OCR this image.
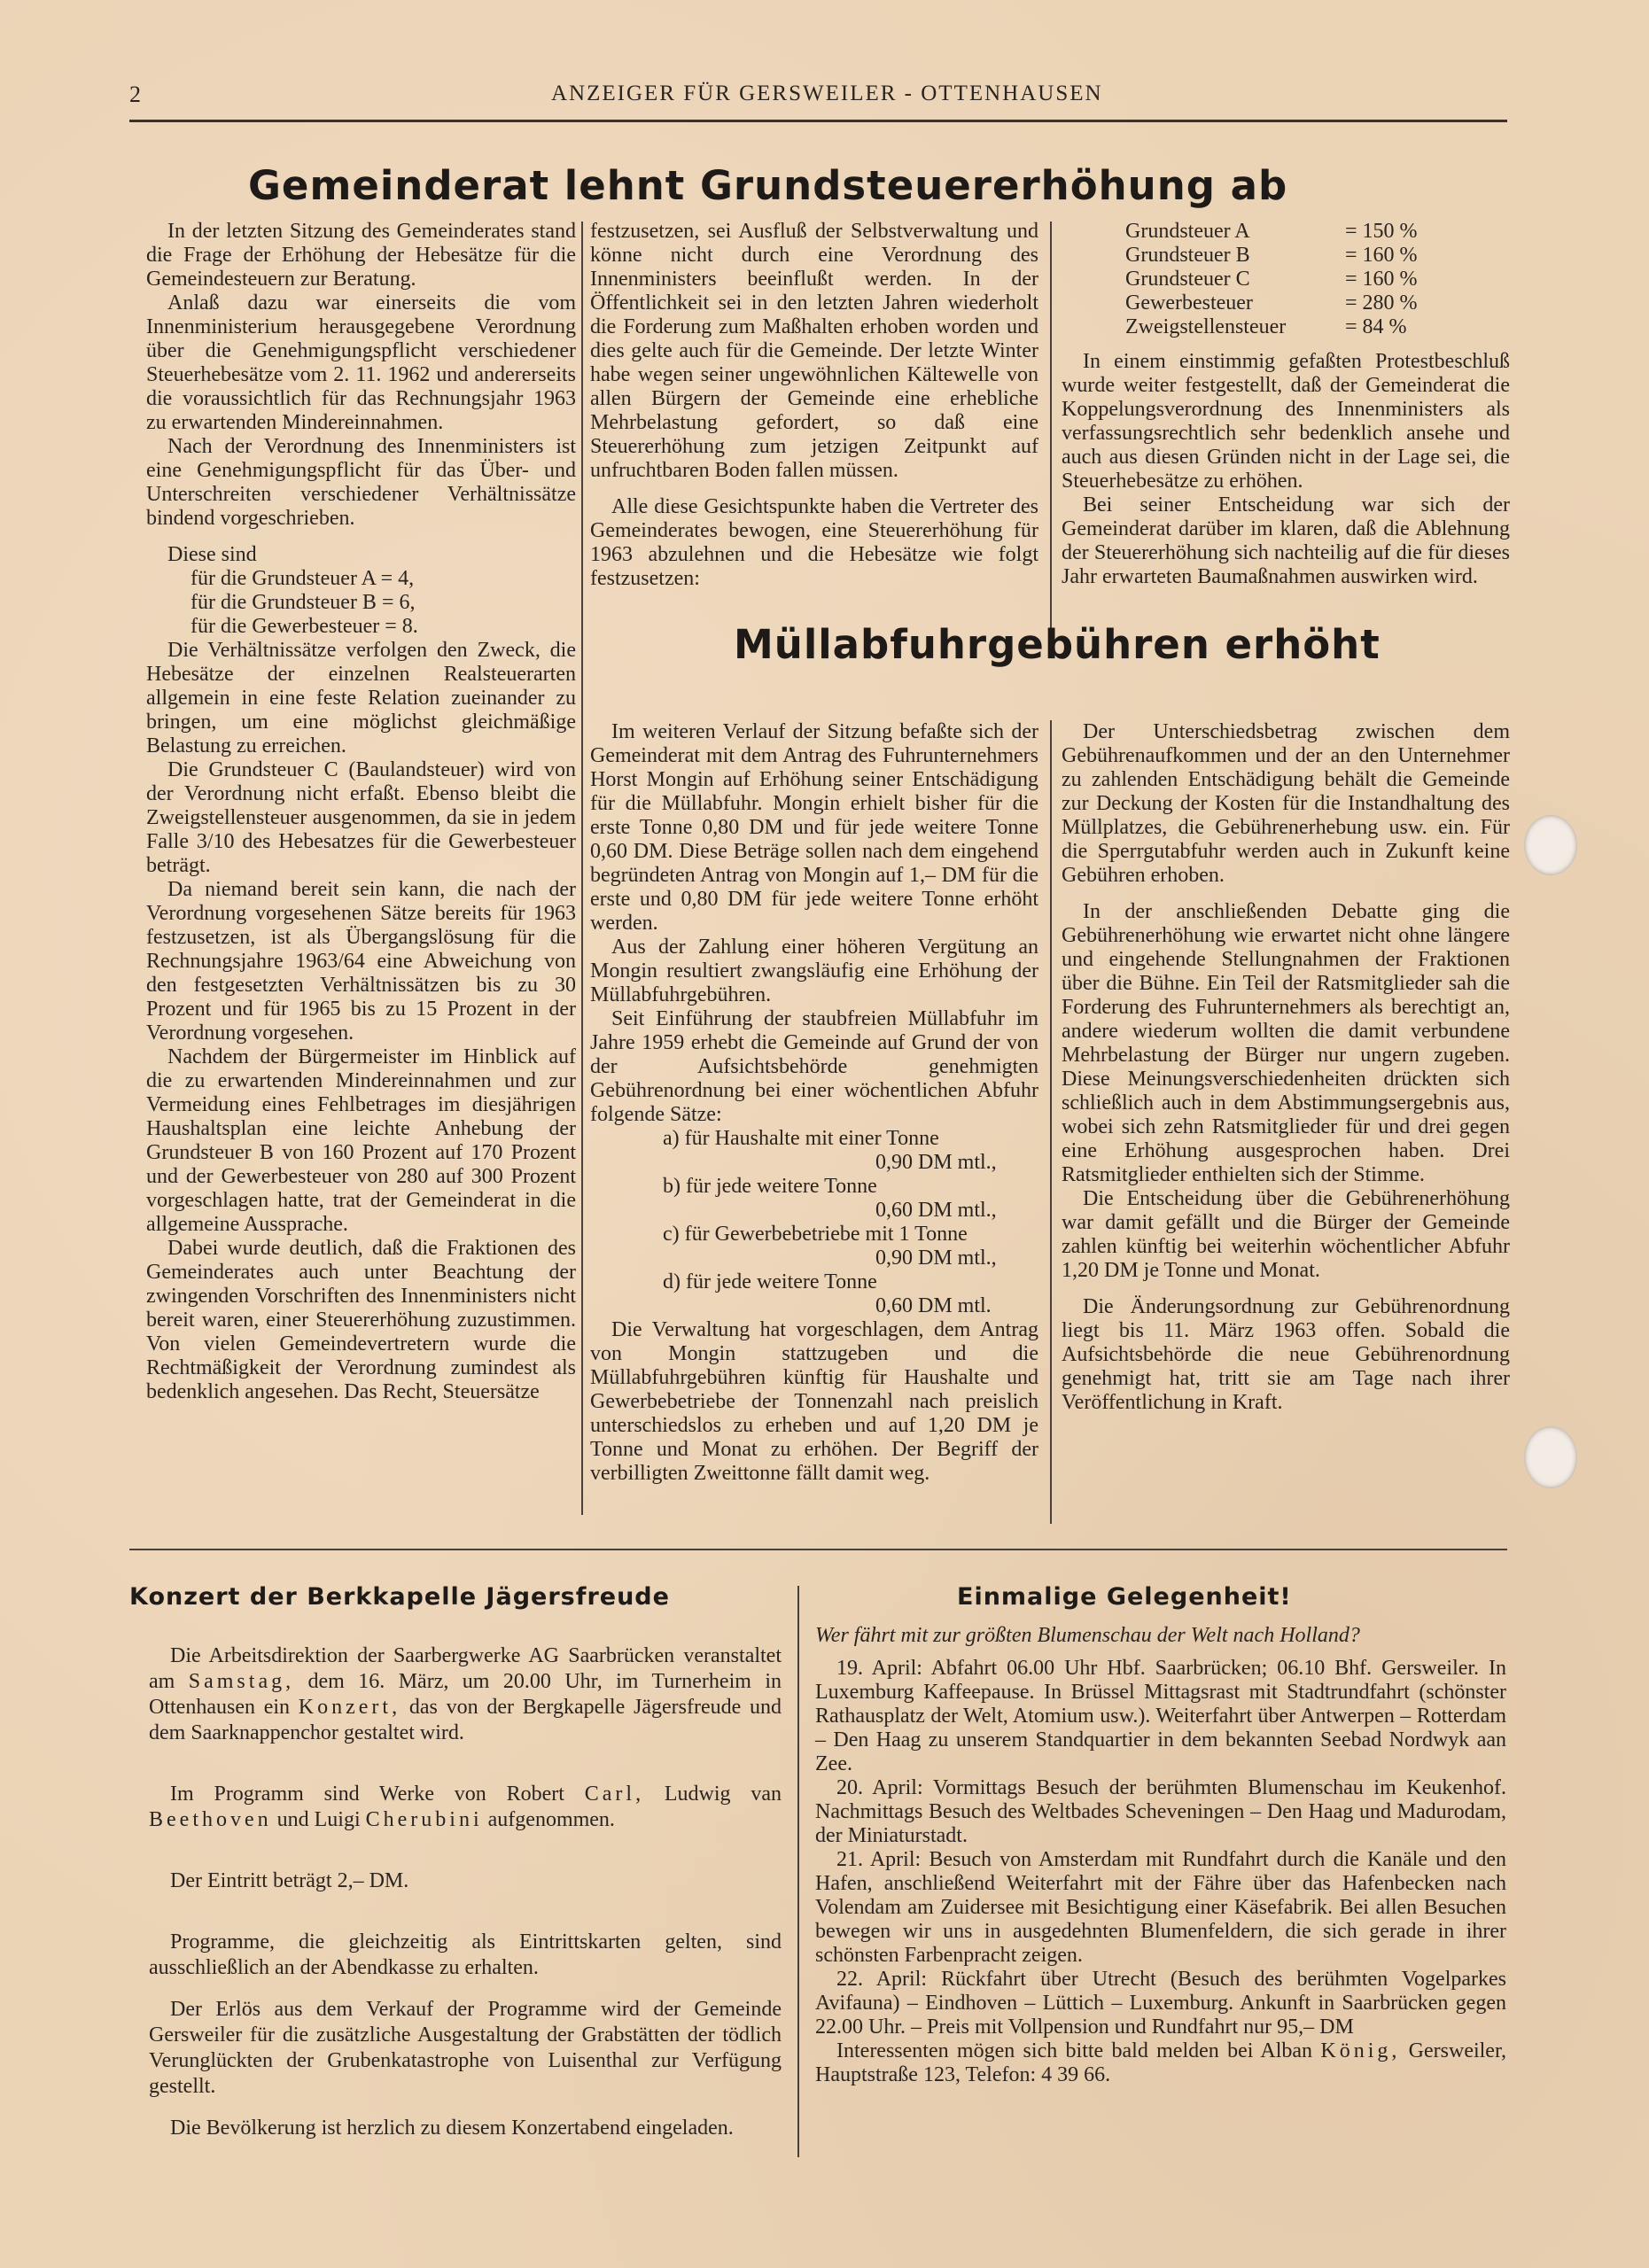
2	ANZEIGER FÜR GERSWEILER - OTTENHAUSEN
Gemeinderat lehnt Grundsteuererhöhung ab

In der letzten Sitzung des Gemeinderates stand die Frage der Erhöhung der Hebesätze für die Gemeindesteuern zur Beratung.

Anlaß dazu war einerseits die vom Innenministerium herausgegebene Verordnung über die Genehmigungspflicht verschiedener Steuerhebesätze vom 2. 11. 1962 und andererseits die voraussichtlich für das Rechnungsjahr 1963 zu erwartenden Mindereinnahmen.

Nach der Verordnung des Innenministers ist eine Genehmigungspflicht für das Über- und Unterschreiten verschiedener Verhältnissätze bindend vorgeschrieben.

Diese sind

für die Grundsteuer A = 4,

für die Grundsteuer B = 6,

für die Gewerbesteuer = 8.

Die Verhältnissätze verfolgen den Zweck, die Hebesätze der einzelnen Realsteuerarten allgemein in eine feste Relation zueinander zu bringen, um eine möglichst gleichmäßige Belastung zu erreichen.

Die Grundsteuer C (Baulandsteuer) wird von der Verordnung nicht erfaßt. Ebenso bleibt die Zweigstellensteuer ausgenommen, da sie in jedem Falle 3/10 des Hebesatzes für die Gewerbesteuer beträgt.

Da niemand bereit sein kann, die nach der Verordnung vorgesehenen Sätze bereits für 1963 festzusetzen, ist als Übergangslösung für die Rechnungsjahre 1963/64 eine Abweichung von den festgesetzten Verhältnissätzen bis zu 30 Prozent und für 1965 bis zu 15 Prozent in der Verordnung vorgesehen.

Nachdem der Bürgermeister im Hinblick auf die zu erwartenden Mindereinnahmen und zur Vermeidung eines Fehlbetrages im diesjährigen Haushaltsplan eine leichte Anhebung der Grundsteuer B von 160 Prozent auf 170 Prozent und der Gewerbesteuer von 280 auf 300 Prozent vorgeschlagen hatte, trat der Gemeinderat in die allgemeine Aussprache.

Dabei wurde deutlich, daß die Fraktionen des Gemeinderates auch unter Beachtung der zwingenden Vorschriften des Innenministers nicht bereit waren, einer Steuererhöhung zuzustimmen. Von vielen Gemeindevertretern wurde die Rechtmäßigkeit der Verordnung zumindest als bedenklich angesehen. Das Recht, Steuersätze

festzusetzen, sei Ausfluß der Selbstverwaltung und könne nicht durch eine Verordnung des Innenministers beeinflußt werden. In der Öffentlichkeit sei in den letzten Jahren wiederholt die Forderung zum Maßhalten erhoben worden und dies gelte auch für die Gemeinde. Der letzte Winter habe wegen seiner ungewöhnlichen Kältewelle von allen Bürgern der Gemeinde eine erhebliche Mehrbelastung gefordert, so daß eine Steuererhöhung zum jetzigen Zeitpunkt auf unfruchtbaren Boden fallen müssen.

Alle diese Gesichtspunkte haben die Vertreter des Gemeinderates bewogen, eine Steuererhöhung für 1963 abzulehnen und die Hebesätze wie folgt festzusetzen:

Grundsteuer A	= 150 %
Grundsteuer B	= 160 %
Grundsteuer C	= 160 %
Gewerbesteuer	= 280 %
Zweigstellensteuer	= 84 %

In einem einstimmig gefaßten Protestbeschluß wurde weiter festgestellt, daß der Gemeinderat die Koppelungsverordnung des Innenministers als verfassungsrechtlich sehr bedenklich ansehe und auch aus diesen Gründen nicht in der Lage sei, die Steuerhebesätze zu erhöhen.

Bei seiner Entscheidung war sich der Gemeinderat darüber im klaren, daß die Ablehnung der Steuererhöhung sich nachteilig auf die für dieses Jahr erwarteten Baumaßnahmen auswirken wird.

Müllabfuhrgebühren erhöht

Im weiteren Verlauf der Sitzung befaßte sich der Gemeinderat mit dem Antrag des Fuhrunternehmers Horst Mongin auf Erhöhung seiner Entschädigung für die Müllabfuhr. Mongin erhielt bisher für die erste Tonne 0,80 DM und für jede weitere Tonne 0,60 DM. Diese Beträge sollen nach dem eingehend begründeten Antrag von Mongin auf 1,– DM für die erste und 0,80 DM für jede weitere Tonne erhöht werden.

Aus der Zahlung einer höheren Vergütung an Mongin resultiert zwangsläufig eine Erhöhung der Müllabfuhrgebühren.

Seit Einführung der staubfreien Müllabfuhr im Jahre 1959 erhebt die Gemeinde auf Grund der von der Aufsichtsbehörde genehmigten Gebührenordnung bei einer wöchentlichen Abfuhr folgende Sätze:

a) für Haushalte mit einer Tonne

0,90 DM mtl.,

b) für jede weitere Tonne

0,60 DM mtl.,

c) für Gewerbebetriebe mit 1 Tonne

0,90 DM mtl.,

d) für jede weitere Tonne

0,60 DM mtl.

Die Verwaltung hat vorgeschlagen, dem Antrag von Mongin stattzugeben und die Müllabfuhrgebühren künftig für Haushalte und Gewerbebetriebe der Tonnenzahl nach preislich unterschiedslos zu erheben und auf 1,20 DM je Tonne und Monat zu erhöhen. Der Begriff der verbilligten Zweittonne fällt damit weg.

Der Unterschiedsbetrag zwischen dem Gebührenaufkommen und der an den Unternehmer zu zahlenden Entschädigung behält die Gemeinde zur Deckung der Kosten für die Instandhaltung des Müllplatzes, die Gebührenerhebung usw. ein. Für die Sperrgutabfuhr werden auch in Zukunft keine Gebühren erhoben.

In der anschließenden Debatte ging die Gebührenerhöhung wie erwartet nicht ohne längere und eingehende Stellungnahmen der Fraktionen über die Bühne. Ein Teil der Ratsmitglieder sah die Forderung des Fuhrunternehmers als berechtigt an, andere wiederum wollten die damit verbundene Mehrbelastung der Bürger nur ungern zugeben. Diese Meinungsverschiedenheiten drückten sich schließlich auch in dem Abstimmungsergebnis aus, wobei sich zehn Ratsmitglieder für und drei gegen eine Erhöhung ausgesprochen haben. Drei Ratsmitglieder enthielten sich der Stimme.

Die Entscheidung über die Gebührenerhöhung war damit gefällt und die Bürger der Gemeinde zahlen künftig bei weiterhin wöchentlicher Abfuhr 1,20 DM je Tonne und Monat.

Die Änderungsordnung zur Gebührenordnung liegt bis 11. März 1963 offen. Sobald die Aufsichtsbehörde die neue Gebührenordnung genehmigt hat, tritt sie am Tage nach ihrer Veröffentlichung in Kraft.

Konzert der Berkkapelle Jägersfreude

Die Arbeitsdirektion der Saarbergwerke AG Saarbrücken veranstaltet am Samstag, dem 16. März, um 20.00 Uhr, im Turnerheim in Ottenhausen ein Konzert, das von der Bergkapelle Jägersfreude und dem Saarknappenchor gestaltet wird.

Im Programm sind Werke von Robert Carl, Ludwig van Beethoven und Luigi Cherubini aufgenommen.

Der Eintritt beträgt 2,– DM.

Programme, die gleichzeitig als Eintrittskarten gelten, sind ausschließlich an der Abendkasse zu erhalten.

Der Erlös aus dem Verkauf der Programme wird der Gemeinde Gersweiler für die zusätzliche Ausgestaltung der Grabstätten der tödlich Verunglückten der Grubenkatastrophe von Luisenthal zur Verfügung gestellt.

Die Bevölkerung ist herzlich zu diesem Konzertabend eingeladen.

Einmalige Gelegenheit!
Wer fährt mit zur größten Blumenschau der Welt nach Holland?

19. April: Abfahrt 06.00 Uhr Hbf. Saarbrücken; 06.10 Bhf. Gersweiler. In Luxemburg Kaffeepause. In Brüssel Mittagsrast mit Stadtrundfahrt (schönster Rathausplatz der Welt, Atomium usw.). Weiterfahrt über Antwerpen – Rotterdam – Den Haag zu unserem Standquartier in dem bekannten Seebad Nordwyk aan Zee.

20. April: Vormittags Besuch der berühmten Blumenschau im Keukenhof. Nachmittags Besuch des Weltbades Scheveningen – Den Haag und Madurodam, der Miniaturstadt.

21. April: Besuch von Amsterdam mit Rundfahrt durch die Kanäle und den Hafen, anschließend Weiterfahrt mit der Fähre über das Hafenbecken nach Volendam am Zuidersee mit Besichtigung einer Käsefabrik. Bei allen Besuchen bewegen wir uns in ausgedehnten Blumenfeldern, die sich gerade in ihrer schönsten Farbenpracht zeigen.

22. April: Rückfahrt über Utrecht (Besuch des berühmten Vogelparkes Avifauna) – Eindhoven – Lüttich – Luxemburg. Ankunft in Saarbrücken gegen 22.00 Uhr. – Preis mit Vollpension und Rundfahrt nur 95,– DM

Interessenten mögen sich bitte bald melden bei Alban König, Gersweiler, Hauptstraße 123, Telefon: 4 39 66.
